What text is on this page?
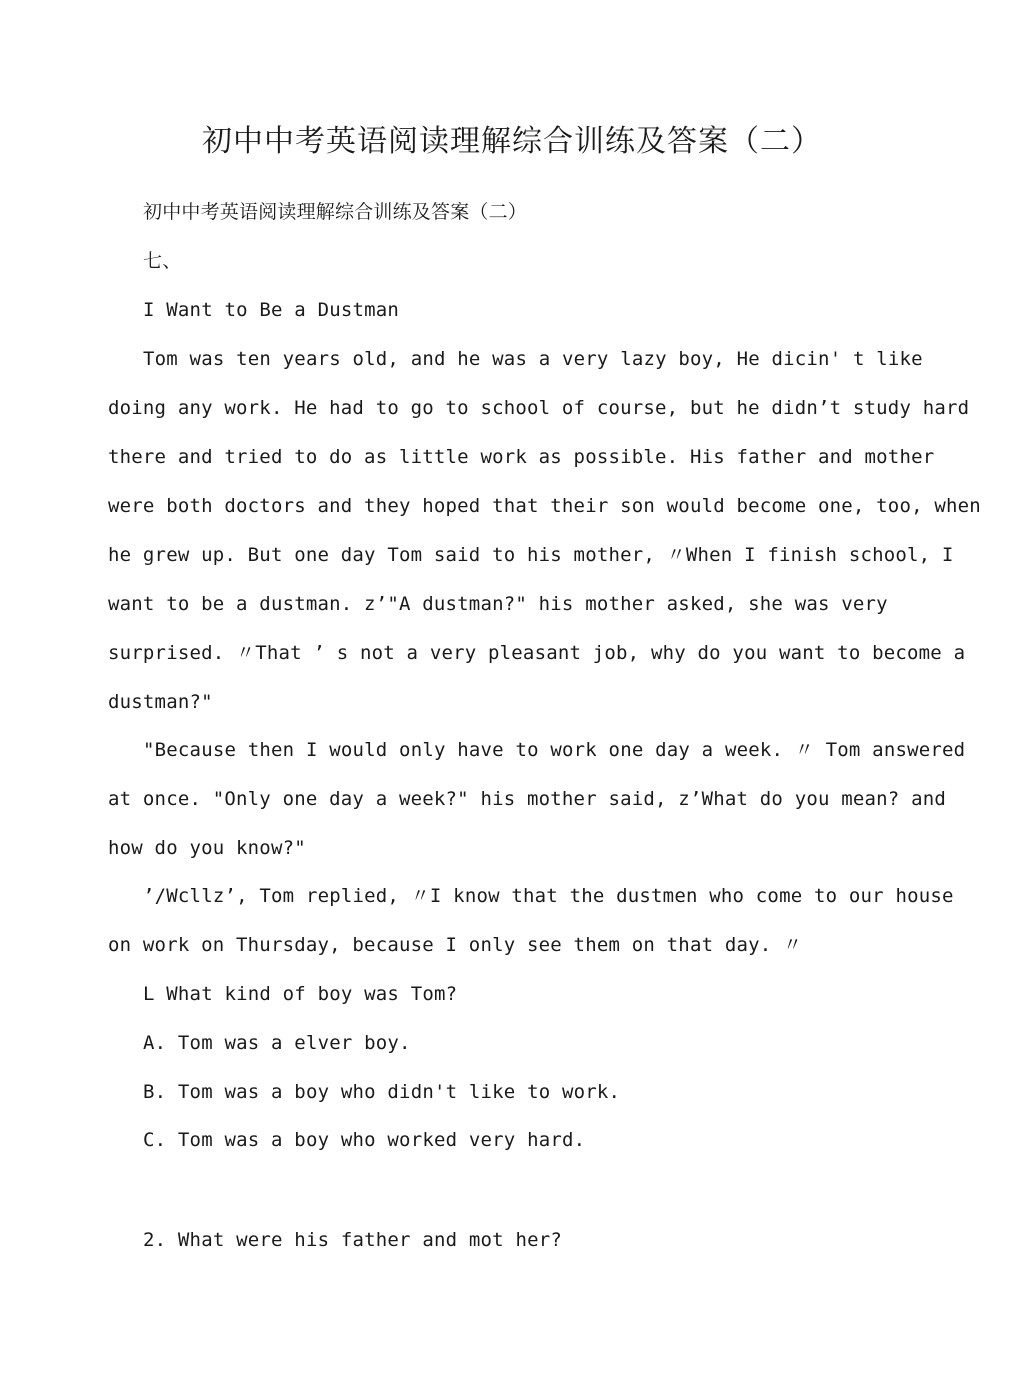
初中中考英语阅读理解综合训练及答案（二）
初中中考英语阅读理解综合训练及答案（二）
七、
I Want to Be a Dustman
Tom was ten years old, and he was a very lazy boy, He dicin' t like
doing any work. He had to go to school of course, but he didn’t study hard
there and tried to do as little work as possible. His father and mother
were both doctors and they hoped that their son would become one, too, when
he grew up. But one day Tom said to his mother, 〃When I finish school, I
want to be a dustman. z’"A dustman?" his mother asked, she was very
surprised. 〃That ’ s not a very pleasant job, why do you want to become a
dustman?"
"Because then I would only have to work one day a week. 〃 Tom answered
at once. "Only one day a week?" his mother said, z’What do you mean? and
how do you know?"
’/Wcllz’, Tom replied, 〃I know that the dustmen who come to our house
on work on Thursday, because I only see them on that day. 〃
L What kind of boy was Tom?
A. Tom was a elver boy.
B. Tom was a boy who didn't like to work.
C. Tom was a boy who worked very hard.
2. What were his father and mot her?
